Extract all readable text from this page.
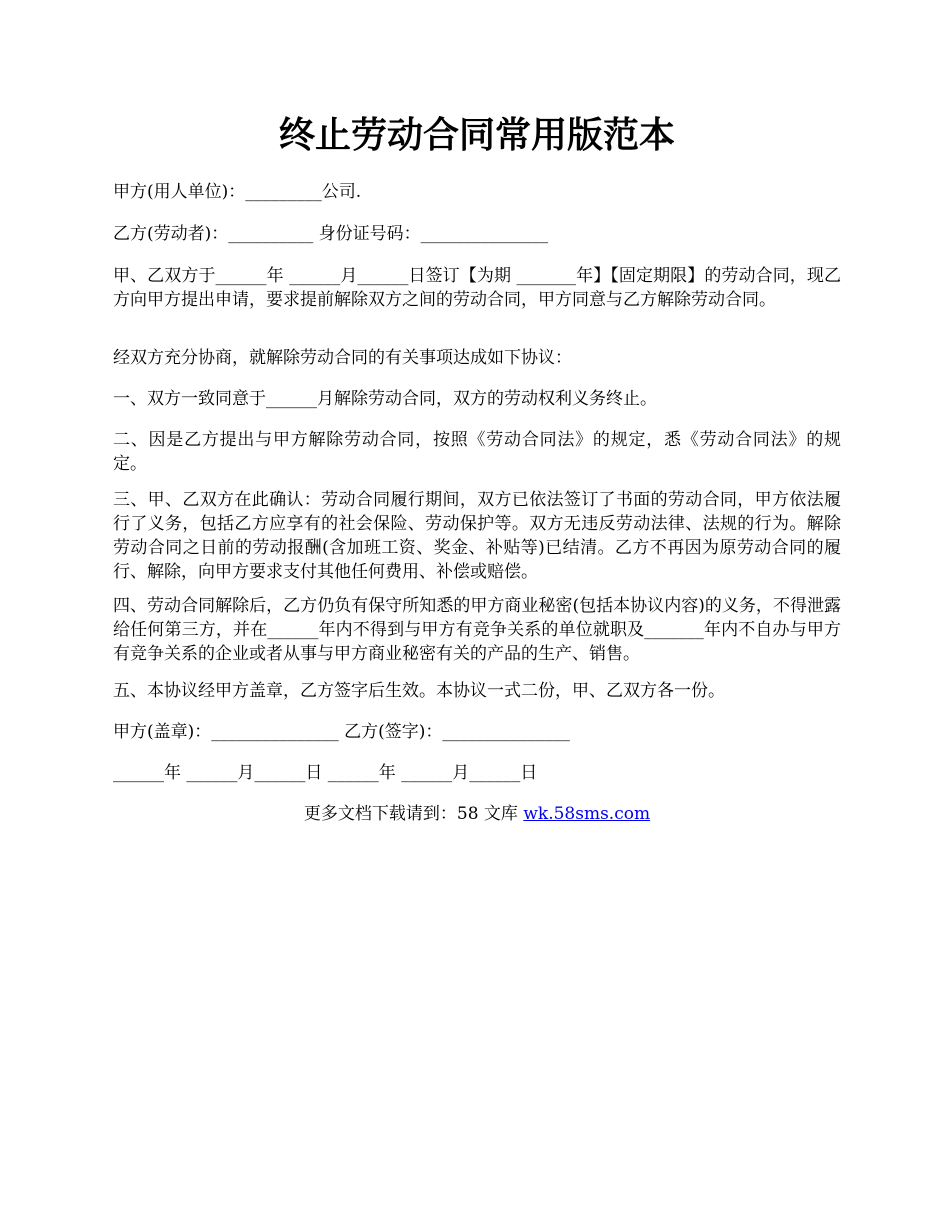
终止劳动合同常用版范本

甲方(用人单位)：_________公司.

乙方(劳动者)：__________ 身份证号码：_______________

甲、乙双方于______年 ______月______日签订【为期 _______年】【固定期限】的劳动合同，现乙方向甲方提出申请，要求提前解除双方之间的劳动合同，甲方同意与乙方解除劳动合同。

经双方充分协商，就解除劳动合同的有关事项达成如下协议：

一、双方一致同意于______月解除劳动合同，双方的劳动权利义务终止。

二、因是乙方提出与甲方解除劳动合同，按照《劳动合同法》的规定，悉《劳动合同法》的规定。

三、甲、乙双方在此确认：劳动合同履行期间，双方已依法签订了书面的劳动合同，甲方依法履行了义务，包括乙方应享有的社会保险、劳动保护等。双方无违反劳动法律、法规的行为。解除劳动合同之日前的劳动报酬(含加班工资、奖金、补贴等)已结清。乙方不再因为原劳动合同的履行、解除，向甲方要求支付其他任何费用、补偿或赔偿。

四、劳动合同解除后，乙方仍负有保守所知悉的甲方商业秘密(包括本协议内容)的义务，不得泄露给任何第三方，并在______年内不得到与甲方有竞争关系的单位就职及_______年内不自办与甲方有竞争关系的企业或者从事与甲方商业秘密有关的产品的生产、销售。

五、本协议经甲方盖章，乙方签字后生效。本协议一式二份，甲、乙双方各一份。

甲方(盖章)：_______________ 乙方(签字)：_______________

______年 ______月______日 ______年 ______月______日

更多文档下载请到：58 文库 wk.58sms.com
